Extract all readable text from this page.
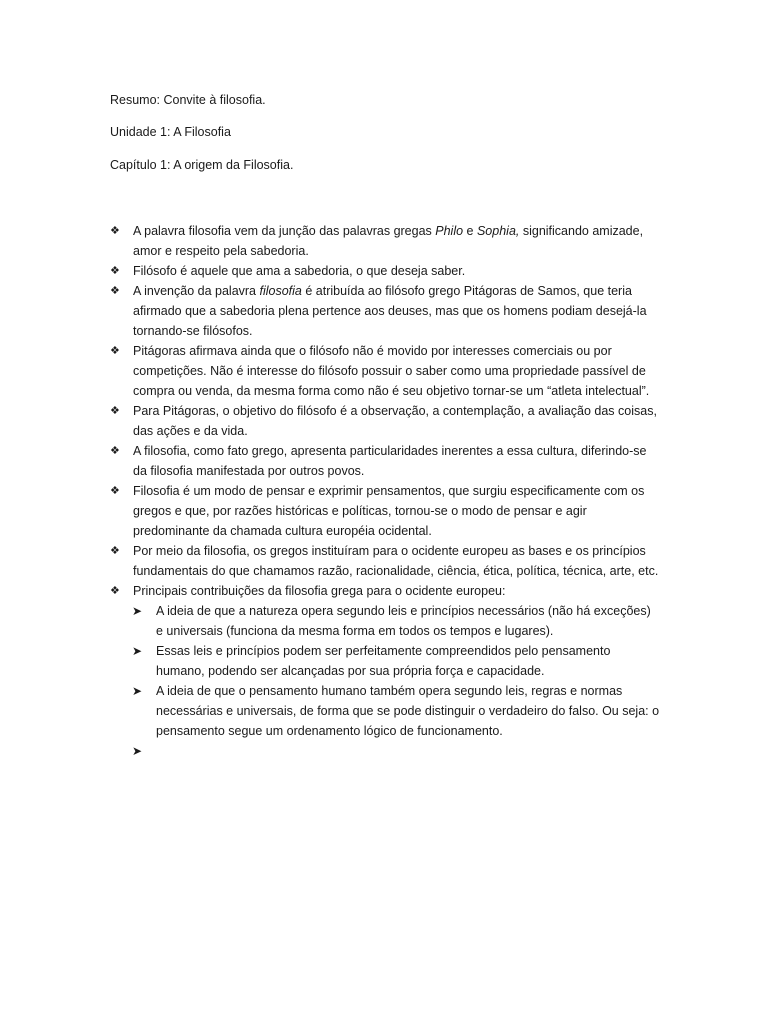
Resumo: Convite à filosofia.
Unidade 1: A Filosofia
Capítulo 1: A origem da Filosofia.
❖	A palavra filosofia vem da junção das palavras gregas Philo e Sophia, significando amizade, amor e respeito pela sabedoria.
❖	Filósofo é aquele que ama a sabedoria, o que deseja saber.
❖	A invenção da palavra filosofia é atribuída ao filósofo grego Pitágoras de Samos, que teria afirmado que a sabedoria plena pertence aos deuses, mas que os homens podiam desejá-la tornando-se filósofos.
❖	Pitágoras afirmava ainda que o filósofo não é movido por interesses comerciais ou por competições. Não é interesse do filósofo possuir o saber como uma propriedade passível de compra ou venda, da mesma forma como não é seu objetivo tornar-se um “atleta intelectual”.
❖	Para Pitágoras, o objetivo do filósofo é a observação, a contemplação, a avaliação das coisas, das ações e da vida.
❖	A filosofia, como fato grego, apresenta particularidades inerentes a essa cultura, diferindo-se da filosofia manifestada por outros povos.
❖	Filosofia é um modo de pensar e exprimir pensamentos, que surgiu especificamente com os gregos e que, por razões históricas e políticas, tornou-se o modo de pensar e agir predominante da chamada cultura européia ocidental.
❖	Por meio da filosofia, os gregos instituíram para o ocidente europeu as bases e os princípios fundamentais do que chamamos razão, racionalidade, ciência, ética, política, técnica, arte, etc.
❖	Principais contribuições da filosofia grega para o ocidente europeu:
➤ A ideia de que a natureza opera segundo leis e princípios necessários (não há exceções) e universais (funciona da mesma forma em todos os tempos e lugares).
➤ Essas leis e princípios podem ser perfeitamente compreendidos pelo pensamento humano, podendo ser alcançadas por sua própria força e capacidade.
➤ A ideia de que o pensamento humano também opera segundo leis, regras e normas necessárias e universais, de forma que se pode distinguir o verdadeiro do falso. Ou seja: o pensamento segue um ordenamento lógico de funcionamento.
➤
